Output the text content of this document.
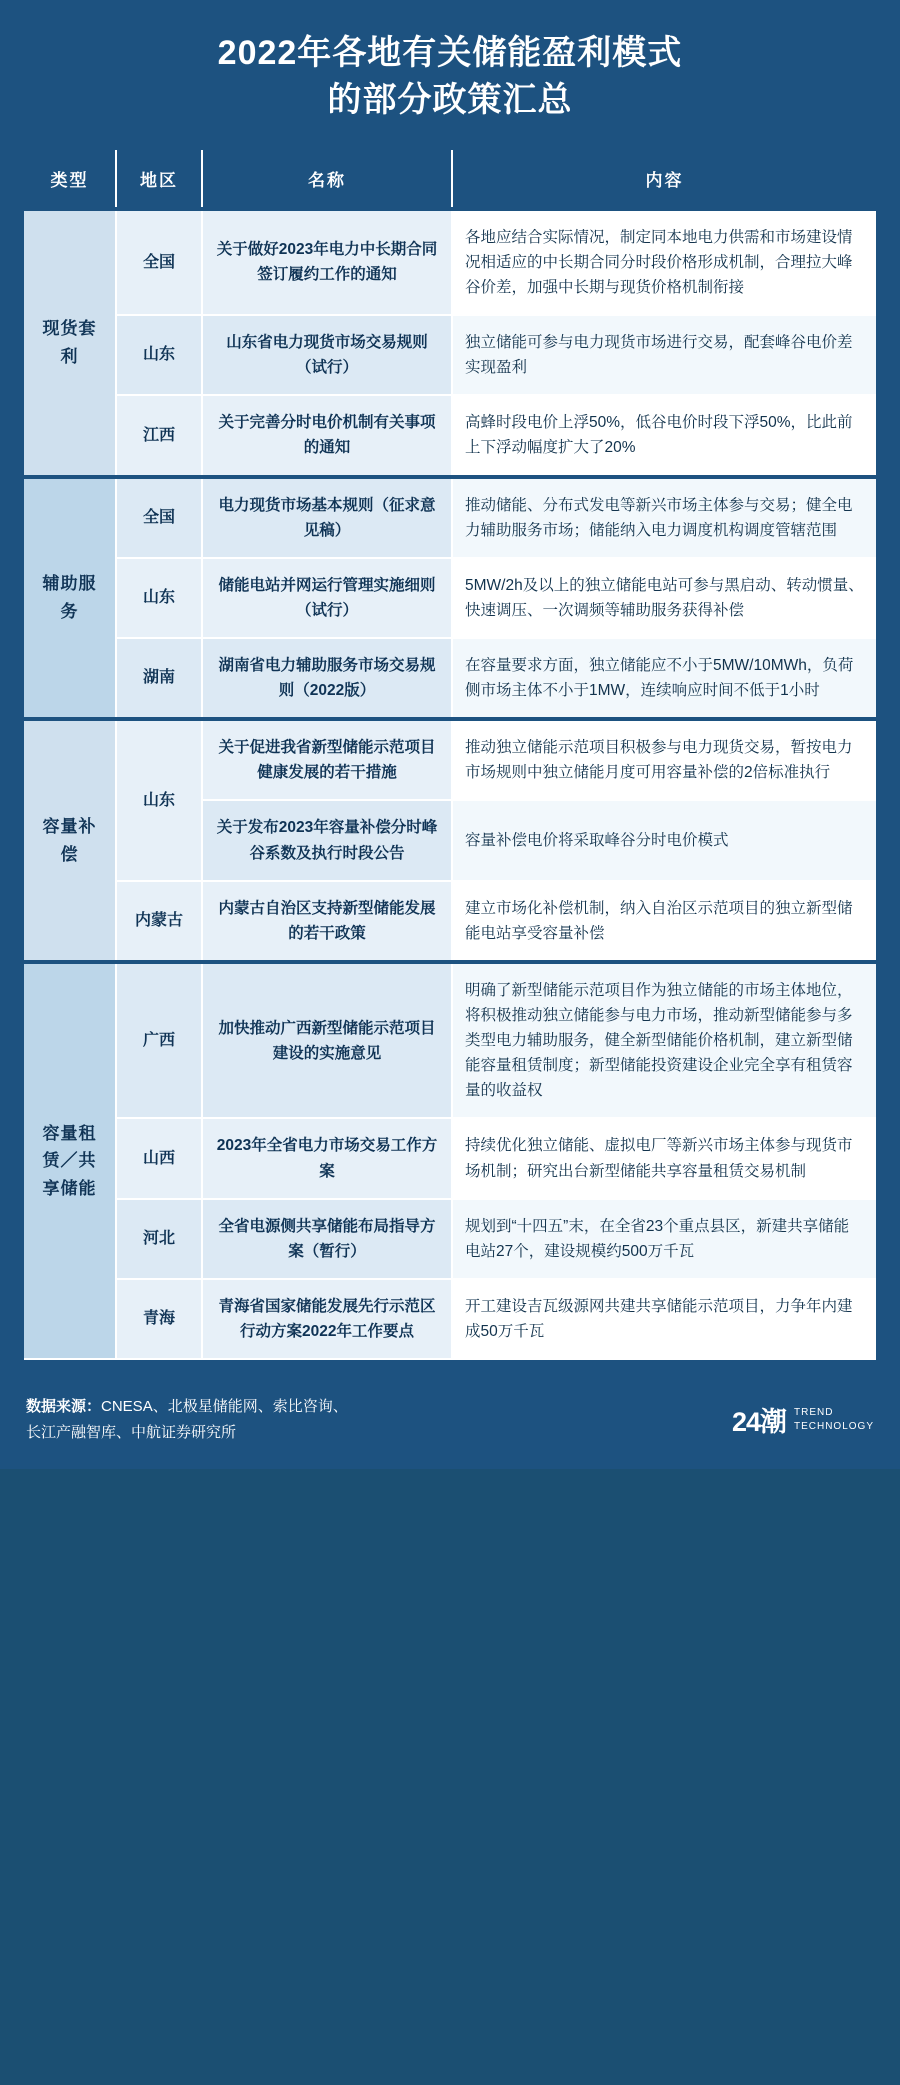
2022年各地有关储能盈利模式
的部分政策汇总
类型	地区	名称	内容
现货套利	全国	关于做好2023年电力中长期合同签订履约工作的通知	各地应结合实际情况，制定同本地电力供需和市场建设情况相适应的中长期合同分时段价格形成机制，合理拉大峰谷价差，加强中长期与现货价格机制衔接
	山东	山东省电力现货市场交易规则（试行）	独立储能可参与电力现货市场进行交易，配套峰谷电价差实现盈利
	江西	关于完善分时电价机制有关事项的通知	高蜂时段电价上浮50%，低谷电价时段下浮50%，比此前上下浮动幅度扩大了20%
辅助服务	全国	电力现货市场基本规则（征求意见稿）	推动储能、分布式发电等新兴市场主体参与交易；健全电力辅助服务市场；储能纳入电力调度机构调度管辖范围
	山东	储能电站并网运行管理实施细则（试行）	5MW/2h及以上的独立储能电站可参与黑启动、转动惯量、快速调压、一次调频等辅助服务获得补偿
	湖南	湖南省电力辅助服务市场交易规则（2022版）	在容量要求方面，独立储能应不小于5MW/10MWh，负荷侧市场主体不小于1MW，连续响应时间不低于1小时
容量补偿	山东	关于促进我省新型储能示范项目健康发展的若干措施	推动独立储能示范项目积极参与电力现货交易，暂按电力市场规则中独立储能月度可用容量补偿的2倍标准执行
		关于发布2023年容量补偿分时峰谷系数及执行时段公告	容量补偿电价将采取峰谷分时电价模式
	内蒙古	内蒙古自治区支持新型储能发展的若干政策	建立市场化补偿机制，纳入自治区示范项目的独立新型储能电站享受容量补偿
容量租赁／共享储能	广西	加快推动广西新型储能示范项目建设的实施意见	明确了新型储能示范项目作为独立储能的市场主体地位，将积极推动独立储能参与电力市场，推动新型储能参与多类型电力辅助服务，健全新型储能价格机制，建立新型储能容量租赁制度；新型储能投资建设企业完全享有租赁容量的收益权
	山西	2023年全省电力市场交易工作方案	持续优化独立储能、虚拟电厂等新兴市场主体参与现货市场机制；研究出台新型储能共享容量租赁交易机制
	河北	全省电源侧共享储能布局指导方案（暂行）	规划到“十四五”末，在全省23个重点县区，新建共享储能电站27个，建设规模约500万千瓦
	青海	青海省国家储能发展先行示范区行动方案2022年工作要点	开工建设吉瓦级源网共建共享储能示范项目，力争年内建成50万千瓦
数据来源：CNESA、北极星储能网、索比咨询、
长江产融智库、中航证券研究所	24潮 TREND
TECHNOLOGY
